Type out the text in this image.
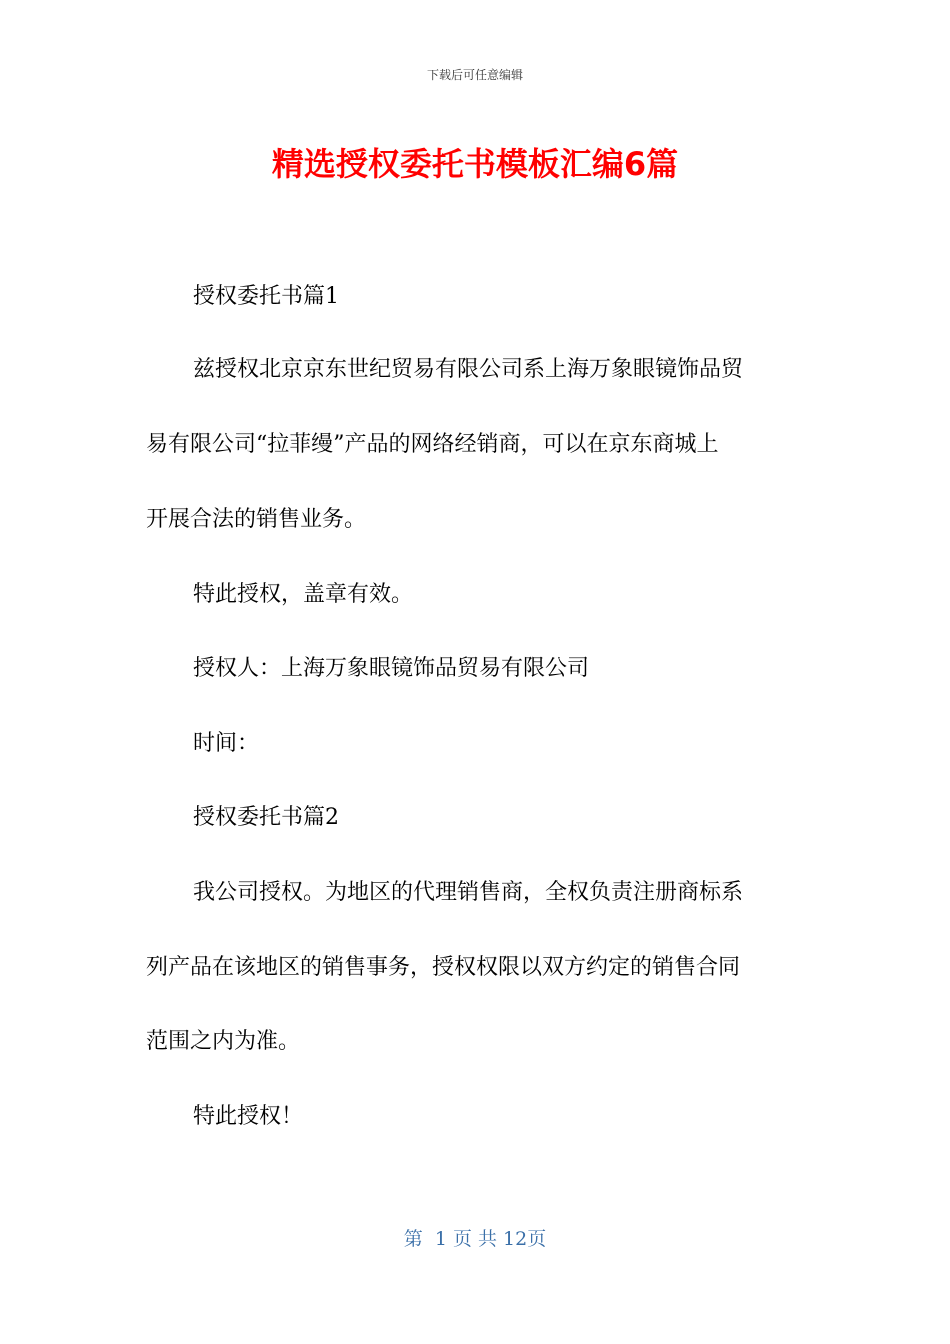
下载后可任意编辑
精选授权委托书模板汇编6篇
授权委托书篇1
兹授权北京京东世纪贸易有限公司系上海万象眼镜饰品贸
易有限公司“拉菲缦”产品的网络经销商，可以在京东商城上
开展合法的销售业务。
特此授权，盖章有效。
授权人：上海万象眼镜饰品贸易有限公司
时间：
授权委托书篇2
我公司授权。为地区的代理销售商，全权负责注册商标系
列产品在该地区的销售事务，授权权限以双方约定的销售合同
范围之内为准。
特此授权！
第  1 页 共 12页
